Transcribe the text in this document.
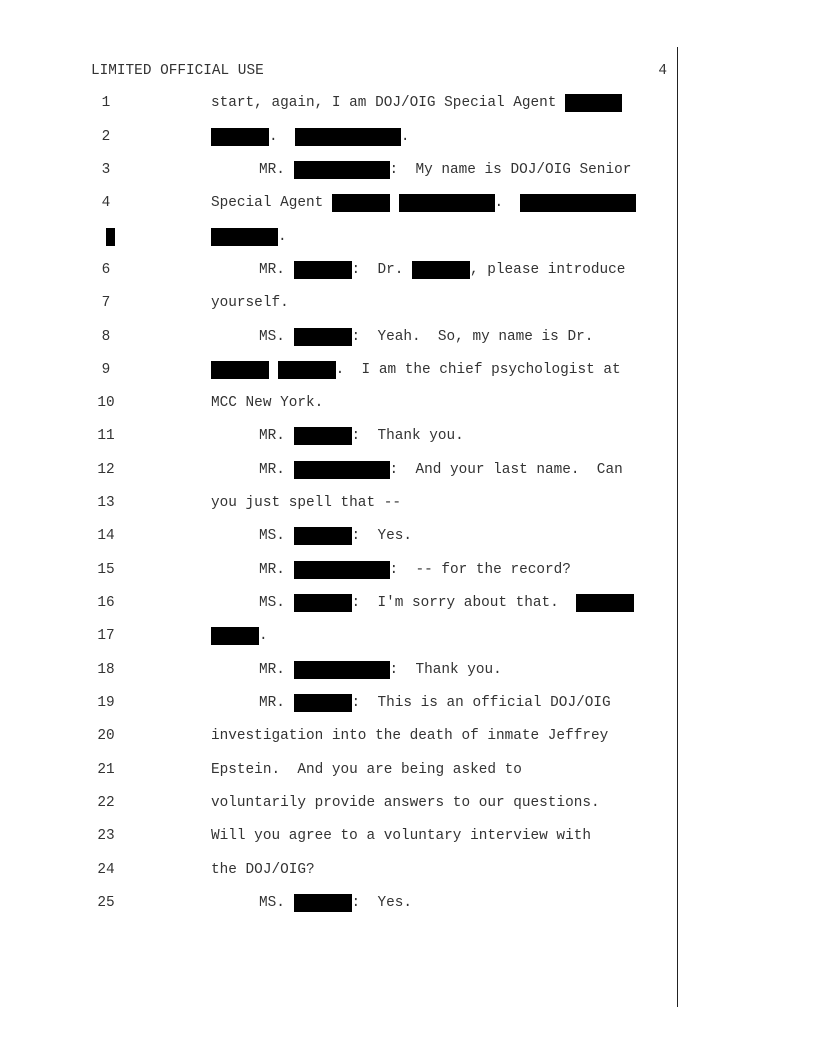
LIMITED OFFICIAL USE	4
1	start, again, I am DOJ/OIG Special Agent
2	.	.
3	MR.	:  My name is DOJ/OIG Senior
4	Special Agent
	.
.
6	MR.	:  Dr.	, please introduce
7	yourself.
8	MS.	:  Yeah.  So, my name is Dr.
9
	.  I am the chief psychologist at
10	MCC New York.
11	MR.	:  Thank you.
12	MR.	:  And your last name.  Can
13	you just spell that --
14	MS.	:  Yes.
15	MR.	:  -- for the record?
16	MS.	:  I'm sorry about that.
17	.
18	MR.	:  Thank you.
19	MR.	:  This is an official DOJ/OIG
20	investigation into the death of inmate Jeffrey
21	Epstein.  And you are being asked to
22	voluntarily provide answers to our questions.
23	Will you agree to a voluntary interview with
24	the DOJ/OIG?
25	MS.	:  Yes.
